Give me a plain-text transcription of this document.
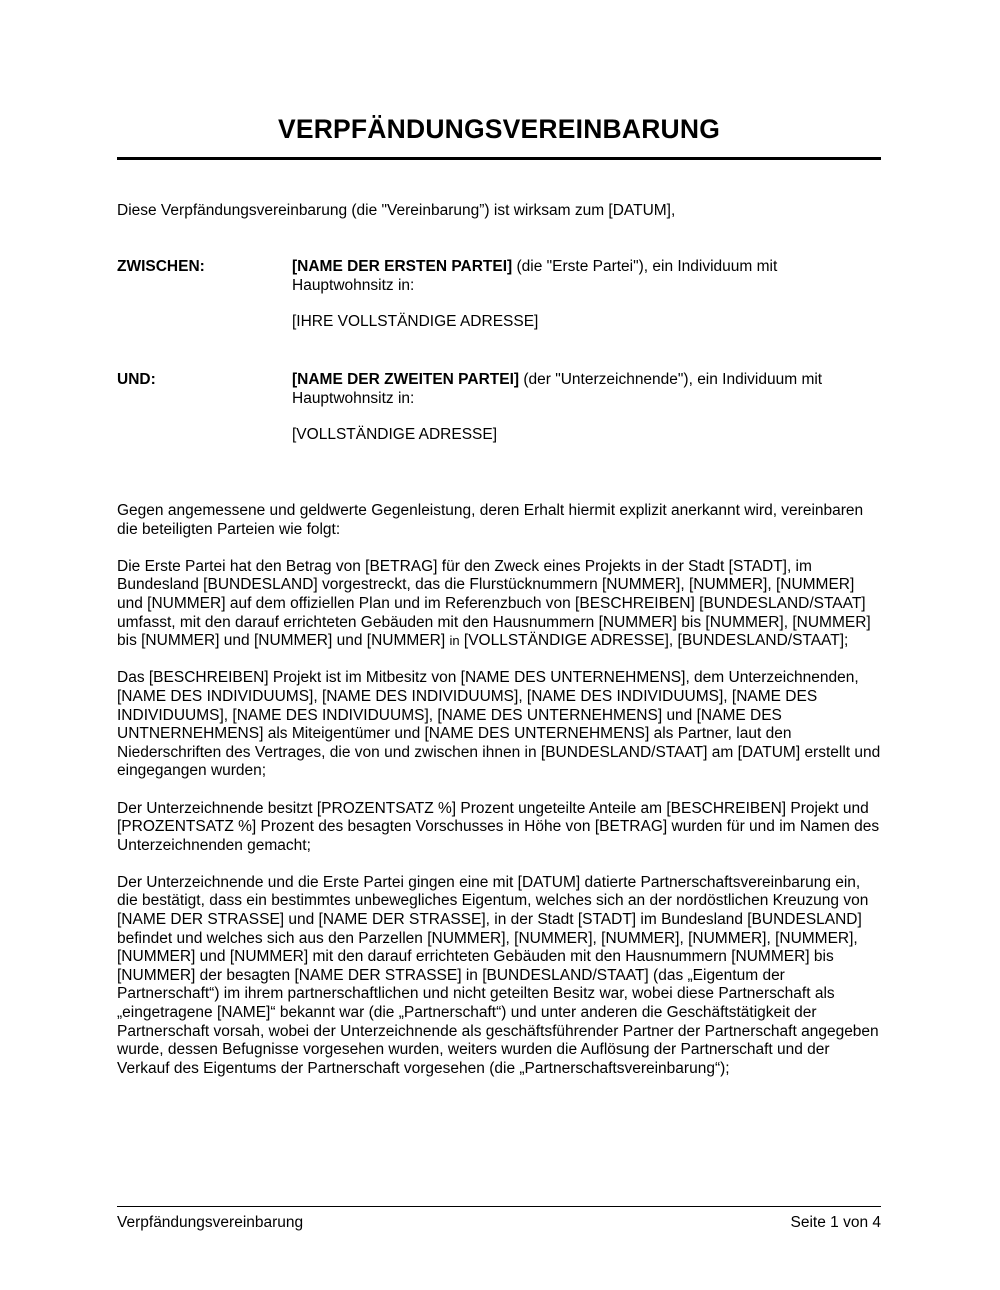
VERPFÄNDUNGSVEREINBARUNG

Diese Verpfändungsvereinbarung (die "Vereinbarung”) ist wirksam zum [DATUM],

ZWISCHEN:	[NAME DER ERSTEN PARTEI] (die "Erste Partei"), ein Individuum mit Hauptwohnsitz in:

[IHRE VOLLSTÄNDIGE ADRESSE]

UND:	[NAME DER ZWEITEN PARTEI] (der "Unterzeichnende"), ein Individuum mit Hauptwohnsitz in:

[VOLLSTÄNDIGE ADRESSE]

Gegen angemessene und geldwerte Gegenleistung, deren Erhalt hiermit explizit anerkannt wird, vereinbaren die beteiligten Parteien wie folgt:

Die Erste Partei hat den Betrag von [BETRAG] für den Zweck eines Projekts in der Stadt [STADT], im Bundesland [BUNDESLAND] vorgestreckt, das die Flurstücknummern [NUMMER], [NUMMER], [NUMMER] und [NUMMER] auf dem offiziellen Plan und im Referenzbuch von [BESCHREIBEN] [BUNDESLAND/STAAT] umfasst, mit den darauf errichteten Gebäuden mit den Hausnummern [NUMMER] bis [NUMMER], [NUMMER] bis [NUMMER] und [NUMMER] und [NUMMER] in [VOLLSTÄNDIGE ADRESSE], [BUNDESLAND/STAAT];

Das [BESCHREIBEN] Projekt ist im Mitbesitz von [NAME DES UNTERNEHMENS], dem Unterzeichnenden, [NAME DES INDIVIDUUMS], [NAME DES INDIVIDUUMS], [NAME DES INDIVIDUUMS], [NAME DES INDIVIDUUMS], [NAME DES INDIVIDUUMS], [NAME DES UNTERNEHMENS] und [NAME DES UNTNERNEHMENS] als Miteigentümer und [NAME DES UNTERNEHMENS] als Partner, laut den Niederschriften des Vertrages, die von und zwischen ihnen in [BUNDESLAND/STAAT] am [DATUM] erstellt und eingegangen wurden;

Der Unterzeichnende besitzt [PROZENTSATZ %] Prozent ungeteilte Anteile am [BESCHREIBEN] Projekt und [PROZENTSATZ %] Prozent des besagten Vorschusses in Höhe von [BETRAG] wurden für und im Namen des Unterzeichnenden gemacht;

Der Unterzeichnende und die Erste Partei gingen eine mit [DATUM] datierte Partnerschaftsvereinbarung ein, die bestätigt, dass ein bestimmtes unbewegliches Eigentum, welches sich an der nordöstlichen Kreuzung von [NAME DER STRASSE] und [NAME DER STRASSE], in der Stadt [STADT] im Bundesland [BUNDESLAND] befindet und welches sich aus den Parzellen [NUMMER], [NUMMER], [NUMMER], [NUMMER], [NUMMER], [NUMMER] und [NUMMER] mit den darauf errichteten Gebäuden mit den Hausnummern [NUMMER] bis [NUMMER] der besagten [NAME DER STRASSE] in [BUNDESLAND/STAAT] (das „Eigentum der Partnerschaft“) im ihrem partnerschaftlichen und nicht geteilten Besitz war, wobei diese Partnerschaft als „eingetragene [NAME]“ bekannt war (die „Partnerschaft“) und unter anderen die Geschäftstätigkeit der Partnerschaft vorsah, wobei der Unterzeichnende als geschäftsführender Partner der Partnerschaft angegeben wurde, dessen Befugnisse vorgesehen wurden, weiters wurden die Auflösung der Partnerschaft und der Verkauf des Eigentums der Partnerschaft vorgesehen (die „Partnerschaftsvereinbarung“);

Verpfändungsvereinbarung	Seite 1 von 4
